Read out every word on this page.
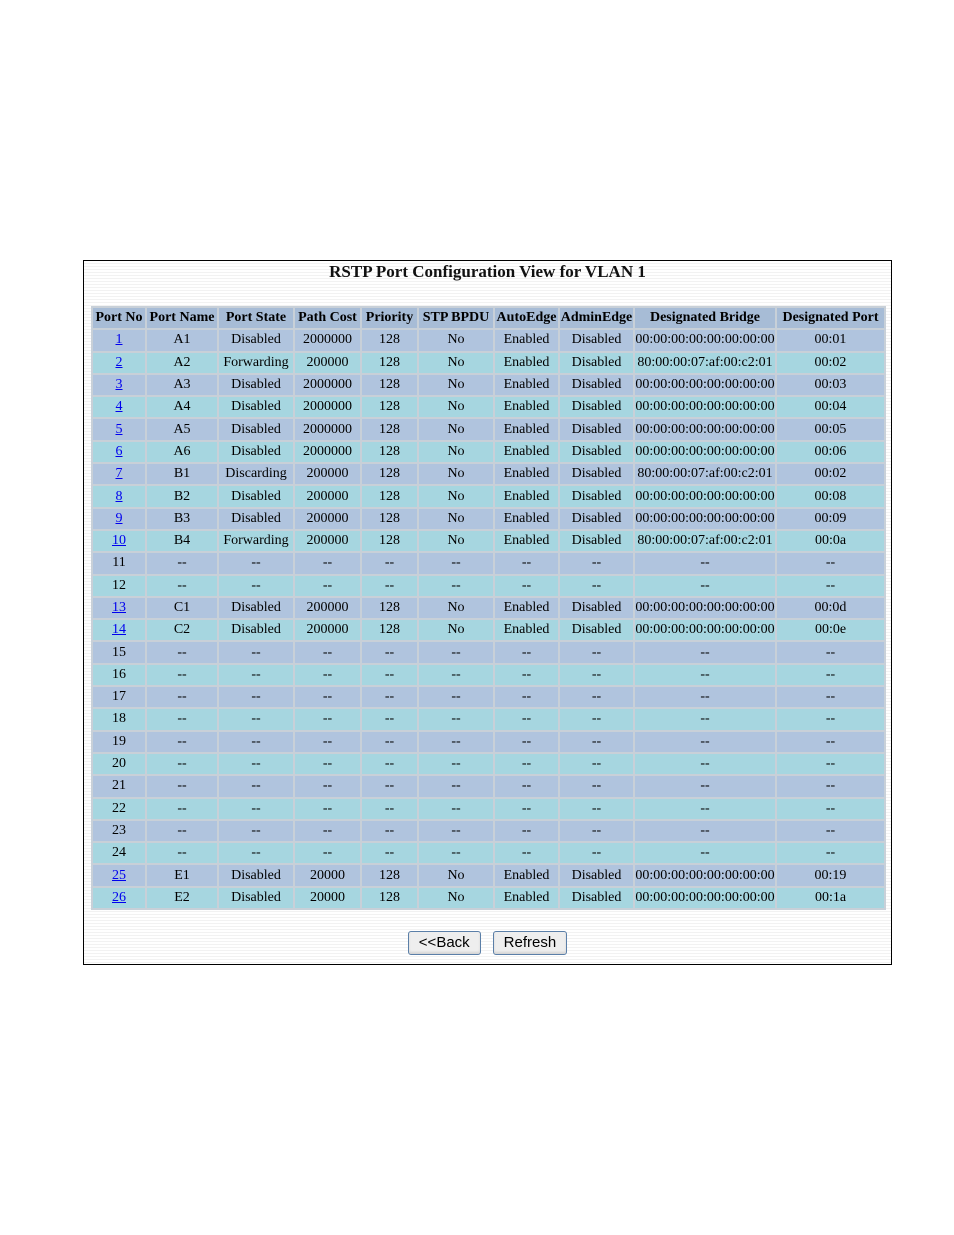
RSTP Port Configuration View for VLAN 1
Port No	Port Name	Port State	Path Cost	Priority	STP BPDU	AutoEdge	AdminEdge	Designated Bridge	Designated Port
1	A1	Disabled	2000000	128	No	Enabled	Disabled	00:00:00:00:00:00:00:00	00:01
2	A2	Forwarding	200000	128	No	Enabled	Disabled	80:00:00:07:af:00:c2:01	00:02
3	A3	Disabled	2000000	128	No	Enabled	Disabled	00:00:00:00:00:00:00:00	00:03
4	A4	Disabled	2000000	128	No	Enabled	Disabled	00:00:00:00:00:00:00:00	00:04
5	A5	Disabled	2000000	128	No	Enabled	Disabled	00:00:00:00:00:00:00:00	00:05
6	A6	Disabled	2000000	128	No	Enabled	Disabled	00:00:00:00:00:00:00:00	00:06
7	B1	Discarding	200000	128	No	Enabled	Disabled	80:00:00:07:af:00:c2:01	00:02
8	B2	Disabled	200000	128	No	Enabled	Disabled	00:00:00:00:00:00:00:00	00:08
9	B3	Disabled	200000	128	No	Enabled	Disabled	00:00:00:00:00:00:00:00	00:09
10	B4	Forwarding	200000	128	No	Enabled	Disabled	80:00:00:07:af:00:c2:01	00:0a
11	--	--	--	--	--	--	--	--	--
12	--	--	--	--	--	--	--	--	--
13	C1	Disabled	200000	128	No	Enabled	Disabled	00:00:00:00:00:00:00:00	00:0d
14	C2	Disabled	200000	128	No	Enabled	Disabled	00:00:00:00:00:00:00:00	00:0e
15	--	--	--	--	--	--	--	--	--
16	--	--	--	--	--	--	--	--	--
17	--	--	--	--	--	--	--	--	--
18	--	--	--	--	--	--	--	--	--
19	--	--	--	--	--	--	--	--	--
20	--	--	--	--	--	--	--	--	--
21	--	--	--	--	--	--	--	--	--
22	--	--	--	--	--	--	--	--	--
23	--	--	--	--	--	--	--	--	--
24	--	--	--	--	--	--	--	--	--
25	E1	Disabled	20000	128	No	Enabled	Disabled	00:00:00:00:00:00:00:00	00:19
26	E2	Disabled	20000	128	No	Enabled	Disabled	00:00:00:00:00:00:00:00	00:1a
<<Back Refresh
